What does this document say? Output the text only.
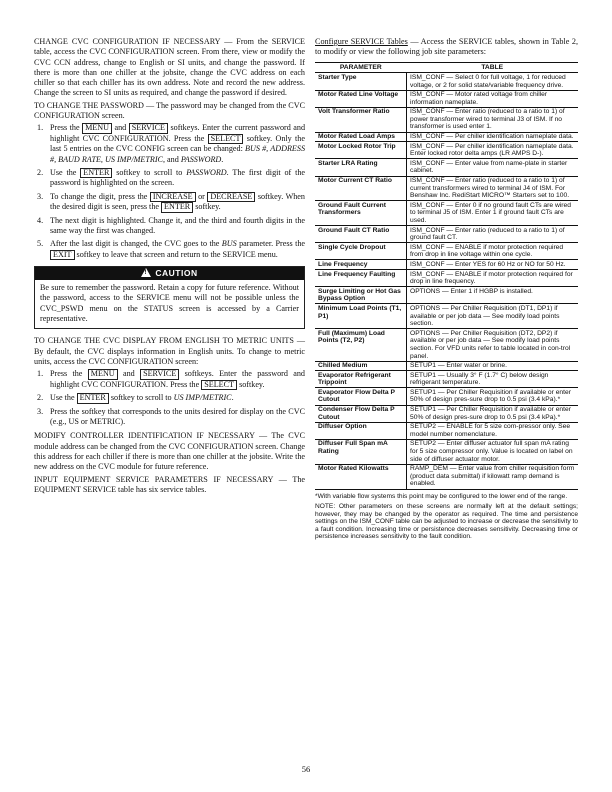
CHANGE CVC CONFIGURATION IF NECESSARY — From the SERVICE table, access the CVC CONFIGURATION screen. From there, view or modify the CVC CCN address, change to English or SI units, and change the password. If there is more than one chiller at the jobsite, change the CVC address on each chiller so that each chiller has its own address. Note and record the new address. Change the screen to SI units as required, and change the password if desired.

TO CHANGE THE PASSWORD — The password may be changed from the CVC CONFIGURATION screen.

1. Press the MENU and SERVICE softkeys. Enter the current password and highlight CVC CONFIGURATION. Press the SELECT softkey. Only the last 5 entries on the CVC CONFIG screen can be changed: BUS #, ADDRESS #, BAUD RATE, US IMP/METRIC, and PASSWORD.
2. Use the ENTER softkey to scroll to PASSWORD. The first digit of the password is highlighted on the screen.
3. To change the digit, press the INCREASE or DECREASE softkey. When the desired digit is seen, press the ENTER softkey.
4. The next digit is highlighted. Change it, and the third and fourth digits in the same way the first was changed.
5. After the last digit is changed, the CVC goes to the BUS parameter. Press the EXIT softkey to leave that screen and return to the SERVICE menu.
! CAUTION
Be sure to remember the password. Retain a copy for future reference. Without the password, access to the SERVICE menu will not be possible unless the CVC_PSWD menu on the STATUS screen is accessed by a Carrier representative.

TO CHANGE THE CVC DISPLAY FROM ENGLISH TO METRIC UNITS — By default, the CVC displays information in English units. To change to metric units, access the CVC CONFIGURATION screen:

1. Press the MENU and SERVICE softkeys. Enter the password and highlight CVC CONFIGURATION. Press the SELECT softkey.
2. Use the ENTER softkey to scroll to US IMP/METRIC.
3. Press the softkey that corresponds to the units desired for display on the CVC (e.g., US or METRIC).

MODIFY CONTROLLER IDENTIFICATION IF NECESSARY — The CVC module address can be changed from the CVC CONFIGURATION screen. Change this address for each chiller if there is more than one chiller at the jobsite. Write the new address on the CVC module for future reference.

INPUT EQUIPMENT SERVICE PARAMETERS IF NECESSARY — The EQUIPMENT SERVICE table has six service tables.

Configure SERVICE Tables — Access the SERVICE tables, shown in Table 2, to modify or view the following job site parameters:

PARAMETER	TABLE
Starter Type	ISM_CONF — Select 0 for full voltage, 1 for reduced voltage, or 2 for solid state/variable frequency drive.
Motor Rated Line Voltage	ISM_CONF — Motor rated voltage from chiller information nameplate.
Volt Transformer Ratio	ISM_CONF — Enter ratio (reduced to a ratio to 1) of power transformer wired to terminal J3 of ISM. If no transformer is used enter 1.
Motor Rated Load Amps	ISM_CONF — Per chiller identification nameplate data.
Motor Locked Rotor Trip	ISM_CONF — Per chiller identification nameplate data. Enter locked rotor delta amps (LR AMPS D-).
Starter LRA Rating	ISM_CONF — Enter value from name-plate in starter cabinet.
Motor Current CT Ratio	ISM_CONF — Enter ratio (reduced to a ratio to 1) of current transformers wired to terminal J4 of ISM. For Benshaw Inc. RediStart MICRO™ Starters set to 100.
Ground Fault Current Transformers	ISM_CONF — Enter 0 if no ground fault CTs are wired to terminal J5 of ISM. Enter 1 if ground fault CTs are used.
Ground Fault CT Ratio	ISM_CONF — Enter ratio (reduced to a ratio to 1) of ground fault CT.
Single Cycle Dropout	ISM_CONF — ENABLE if motor protection required from drop in line voltage within one cycle.
Line Frequency	ISM_CONF — Enter YES for 60 Hz or NO for 50 Hz.
Line Frequency Faulting	ISM_CONF — ENABLE if motor protection required for drop in line frequency.
Surge Limiting or Hot Gas Bypass Option	OPTIONS — Enter 1 if HGBP is installed.
Minimum Load Points (T1, P1)	OPTIONS — Per Chiller Requisition (DT1, DP1) if available or per job data — See modify load points section.
Full (Maximum) Load Points (T2, P2)	OPTIONS — Per Chiller Requisition (DT2, DP2) if available or per job data — See modify load points section. For VFD units refer to table located in con-trol panel.
Chilled Medium	SETUP1 — Enter water or brine.
Evaporator Refrigerant Trippoint	SETUP1 — Usually 3° F (1.7° C) below design refrigerant temperature.
Evaporator Flow Delta P Cutout	SETUP1 — Per Chiller Requisition if available or enter 50% of design pres-sure drop to 0.5 psi (3.4 kPa).*
Condenser Flow Delta P Cutout	SETUP1 — Per Chiller Requisition if available or enter 50% of design pres-sure drop to 0.5 psi (3.4 kPa).*
Diffuser Option	SETUP2 — ENABLE for 5 size com-pressor only. See model number nomenclature.
Diffuser Full Span mA Rating	SETUP2 — Enter diffuser actuator full span mA rating for 5 size compressor only. Value is located on label on side of diffuser actuator motor.
Motor Rated Kilowatts	RAMP_DEM — Enter value from chiller requisition form (product data submittal) if kilowatt ramp demand is enabled.

*With variable flow systems this point may be configured to the lower end of the range.

NOTE: Other parameters on these screens are normally left at the default settings; however, they may be changed by the operator as required. The time and persistence settings on the ISM_CONF table can be adjusted to increase or decrease the sensitivity to a fault condition. Increasing time or persistence decreases sensitivity. Decreasing time or persistence increases sensitivity to the fault condition.

56
